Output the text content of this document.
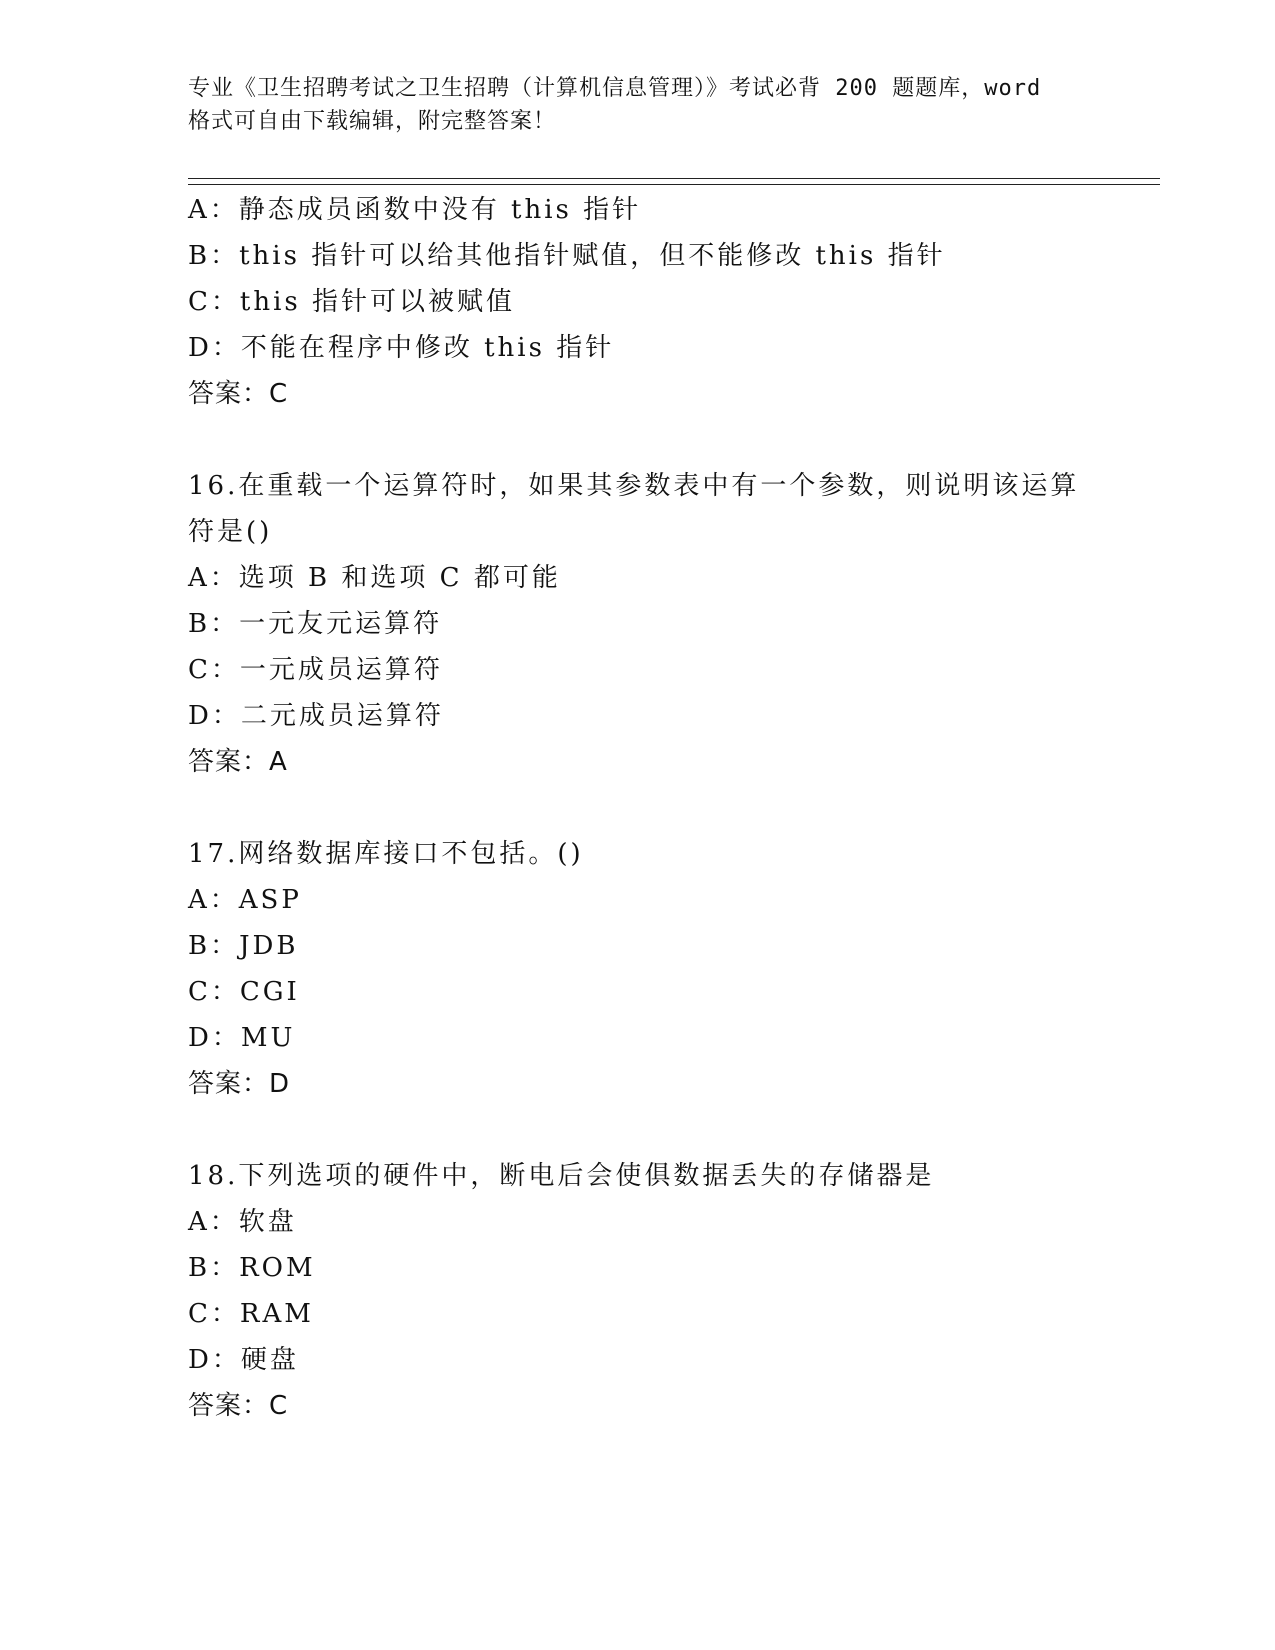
专业《卫生招聘考试之卫生招聘（计算机信息管理）》考试必背 200 题题库，word
格式可自由下载编辑，附完整答案！
A：静态成员函数中没有 this 指针
B：this 指针可以给其他指针赋值，但不能修改 this 指针
C：this 指针可以被赋值
D：不能在程序中修改 this 指针
答案：C
16.在重载一个运算符时，如果其参数表中有一个参数，则说明该运算
符是()
A：选项 B 和选项 C 都可能
B：一元友元运算符
C：一元成员运算符
D：二元成员运算符
答案：A
17.网络数据库接口不包括。()
A：ASP
B：JDB
C：CGI
D：MU
答案：D
18.下列选项的硬件中，断电后会使俱数据丢失的存储器是
A：软盘
B：ROM
C：RAM
D：硬盘
答案：C
